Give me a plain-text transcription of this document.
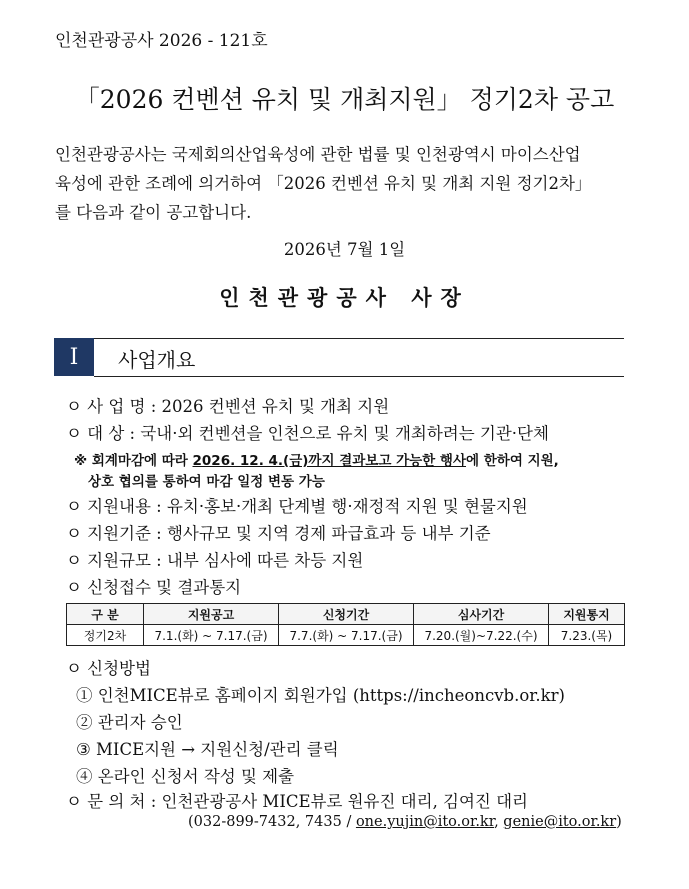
인천관광공사 2026 - 121호
「2026 컨벤션 유치 및 개최지원」 정기2차 공고
인천관광공사는 국제회의산업육성에 관한 법률 및 인천광역시 마이스산업
육성에 관한 조례에 의거하여 「2026 컨벤션 유치 및 개최 지원 정기2차」
를 다음과 같이 공고합니다.
2026년 7월 1일
인천관광공사 사장
I	사업개요
ㅇ 사 업 명 : 2026 컨벤션 유치 및 개최 지원
ㅇ 대 상 : 국내·외 컨벤션을 인천으로 유치 및 개최하려는 기관·단체
※ 회계마감에 따라 2026. 12. 4.(금)까지 결과보고 가능한 행사에 한하여 지원,
상호 협의를 통하여 마감 일정 변동 가능
ㅇ 지원내용 : 유치·홍보·개최 단계별 행·재정적 지원 및 현물지원
ㅇ 지원기준 : 행사규모 및 지역 경제 파급효과 등 내부 기준
ㅇ 지원규모 : 내부 심사에 따른 차등 지원
ㅇ 신청접수 및 결과통지
구 분	지원공고	신청기간	심사기간	지원통지
정기2차	7.1.(화) ~ 7.17.(금)	7.7.(화) ~ 7.17.(금)	7.20.(월)~7.22.(수)	7.23.(목)
ㅇ 신청방법
① 인천MICE뷰로 홈페이지 회원가입 (https://incheoncvb.or.kr)
② 관리자 승인
③ MICE지원 → 지원신청/관리 클릭
④ 온라인 신청서 작성 및 제출
ㅇ 문 의 처 : 인천관광공사 MICE뷰로 원유진 대리, 김여진 대리
(032-899-7432, 7435 / one.yujin@ito.or.kr, genie@ito.or.kr)
